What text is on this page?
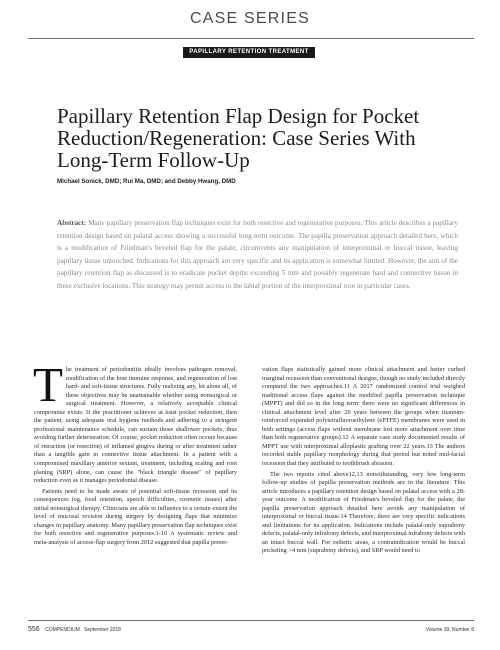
CASE SERIES
PAPILLARY RETENTION TREATMENT
Papillary Retention Flap Design for Pocket Reduction/Regeneration: Case Series With Long-Term Follow-Up
Michael Sonick, DMD; Rui Ma, DMD; and Debby Hwang, DMD

Abstract: Many papillary preservation flap techniques exist for both resective and regenerative purposes. This article describes a papillary retention design based on palatal access showing a successful long-term outcome. The papilla preservation approach detailed here, which is a modification of Friedman's beveled flap for the palate, circumvents any manipulation of interproximal or buccal tissue, leaving papillary tissue untouched. Indications for this approach are very specific and its application is somewhat limited. However, the aim of the papillary retention flap as discussed is to eradicate pocket depths exceeding 5 mm and possibly regenerate hard and connective tissue in these exclusive locations. This strategy may permit access to the labial portion of the interproximal root in particular cases.

The treatment of periodontitis ideally involves pathogen removal, modification of the host immune response, and regeneration of lost hard- and soft-tissue structures. Fully realizing any, let alone all, of these objectives may be unattainable whether using nonsurgical or surgical treatment. However, a relatively acceptable clinical compromise exists: If the practitioner achieves at least pocket reduction, then the patient, using adequate oral hygiene methods and adhering to a stringent professional maintenance schedule, can sustain those shallower pockets, thus avoiding further deterioration. Of course, pocket reduction often occurs because of retraction (or resection) of inflamed gingiva during or after treatment rather than a tangible gain in connective tissue attachment. In a patient with a compromised maxillary anterior sextant, treatment, including scaling and root planing (SRP) alone, can cause the "black triangle disease" of papillary reduction even as it manages periodontal disease.

Patients need to be made aware of potential soft-tissue recession and its consequences (eg, food retention, speech difficulties, cosmetic issues) after initial nonsurgical therapy. Clinicians are able to influence to a certain extent the level of mucosal revision during surgery by designing flaps that minimize changes in papillary anatomy. Many papillary preservation flap techniques exist for both resective and regenerative purposes.1-10 A systematic review and meta-analysis of access-flap surgery from 2012 suggested that papilla preser-

vation flaps statistically gained more clinical attachment and better curbed marginal recession than conventional designs, though no study included directly compared the two approaches.11 A 2017 randomized control trial weighed traditional access flaps against the modified papilla preservation technique (MPPT) and did so in the long term: there were no significant differences in clinical attachment level after 20 years between the groups when titanium-reinforced expanded polytetrafluoroethylene (ePTFE) membranes were used in both settings (access flaps without membrane lost more attachment over time than both regenerative groups).12 A separate case study documented results of MPPT use with interproximal alloplastic grafting over 22 years.13 The authors recorded stable papillary morphology during that period but noted mid-facial recession that they attributed to toothbrush abrasion.

The two reports cited above12,13 notwithstanding, very few long-term follow-up studies of papilla preservation methods are in the literature. This article introduces a papillary retention design based on palatal access with a 28-year outcome. A modification of Friedman's beveled flap for the palate, the papilla preservation approach detailed here avoids any manipulation of interproximal or buccal tissue.14 Therefore, there are very specific indications and limitations for its application. Indications include palatal-only suprabony defects, palatal-only infrabony defects, and interproximal infrabony defects with an intact buccal wall. For esthetic areas, a contraindication would be buccal pocketing >4 mm (suprabony defects), and SRP would need to

556 COMPENDIUM September 2018	Volume 39, Number 8
